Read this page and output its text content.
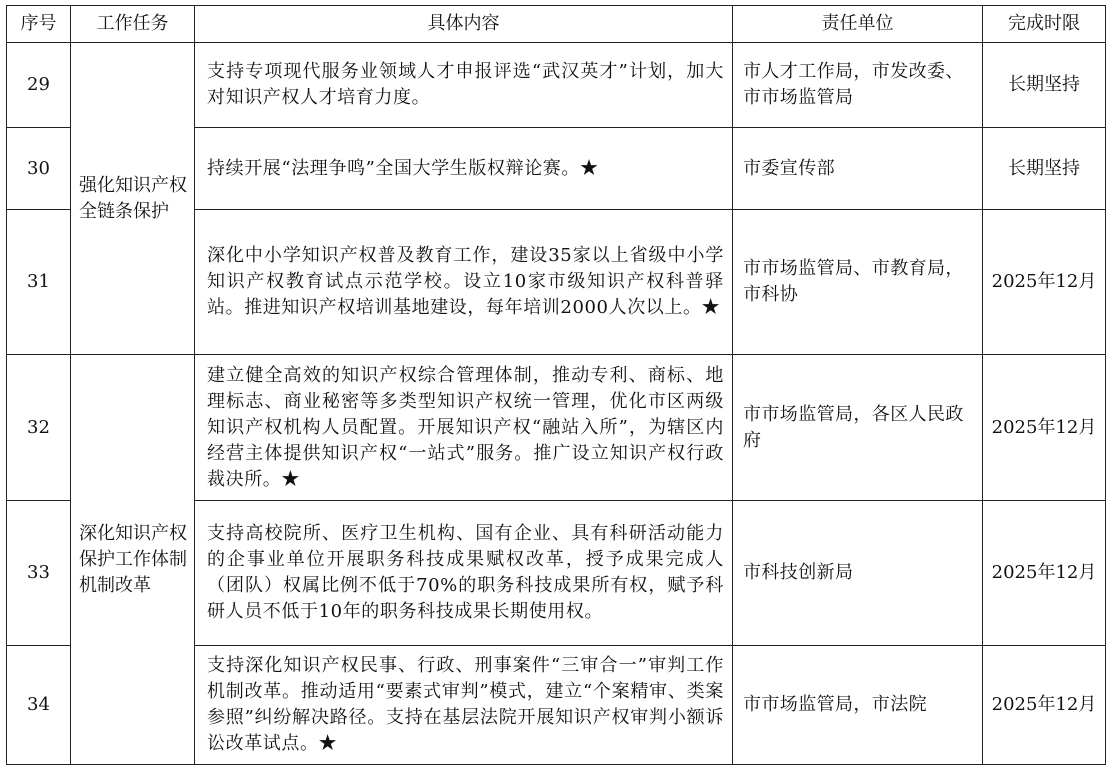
序号	工作任务	具体内容	责任单位	完成时限
29	强化知识产权全链条保护	支持专项现代服务业领域人才申报评选“武汉英才”计划，加大对知识产权人才培育力度。	市人才工作局，市发改委、市市场监管局	长期坚持
30		持续开展“法理争鸣”全国大学生版权辩论赛。★	市委宣传部	长期坚持
31		深化中小学知识产权普及教育工作，建设35家以上省级中小学知识产权教育试点示范学校。设立10家市级知识产权科普驿站。推进知识产权培训基地建设，每年培训2000人次以上。★	市市场监管局、市教育局，市科协	2025年12月
32	深化知识产权保护工作体制机制改革	建立健全高效的知识产权综合管理体制，推动专利、商标、地理标志、商业秘密等多类型知识产权统一管理，优化市区两级知识产权机构人员配置。开展知识产权“融站入所”，为辖区内经营主体提供知识产权“一站式”服务。推广设立知识产权行政裁决所。★	市市场监管局，各区人民政府	2025年12月
33		支持高校院所、医疗卫生机构、国有企业、具有科研活动能力的企事业单位开展职务科技成果赋权改革，授予成果完成人（团队）权属比例不低于70%的职务科技成果所有权，赋予科研人员不低于10年的职务科技成果长期使用权。	市科技创新局	2025年12月
34		支持深化知识产权民事、行政、刑事案件“三审合一”审判工作机制改革。推动适用“要素式审判”模式，建立“个案精审、类案参照”纠纷解决路径。支持在基层法院开展知识产权审判小额诉讼改革试点。★	市市场监管局，市法院	2025年12月
